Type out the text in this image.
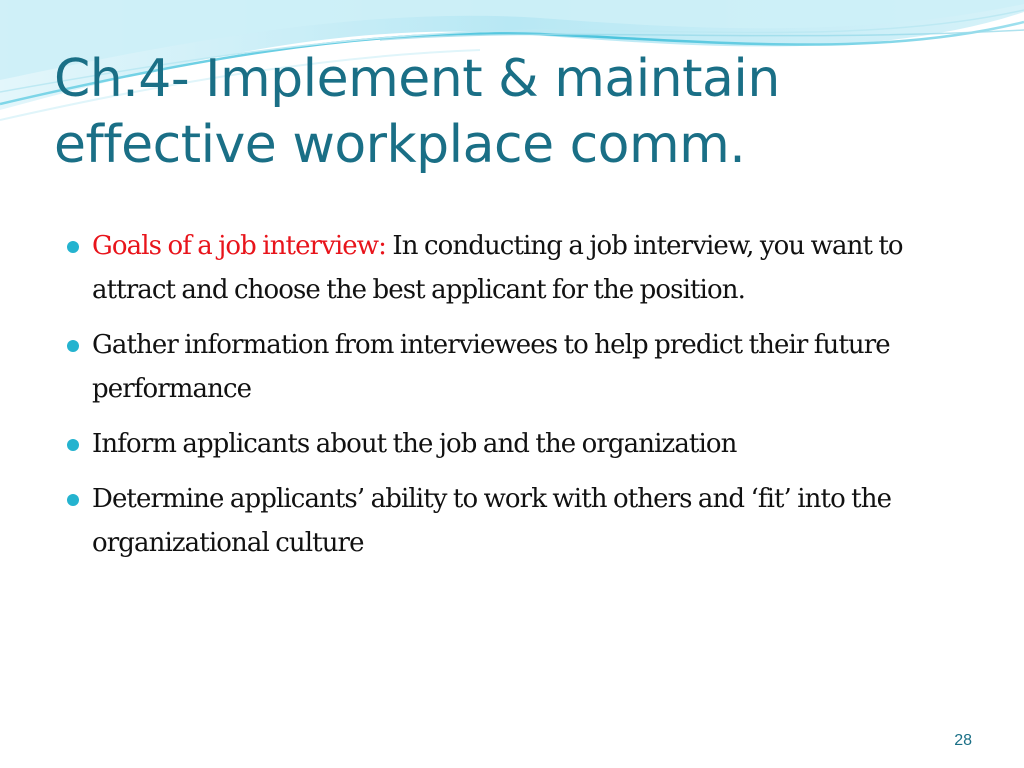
Ch.4- Implement & maintain
effective workplace comm.
Goals of a job interview: In conducting a job interview, you want to attract and choose the best applicant for the position.
Gather information from interviewees to help predict their future performance
Inform applicants about the job and the organization
Determine applicants’ ability to work with others and ‘fit’ into the organizational culture
28
